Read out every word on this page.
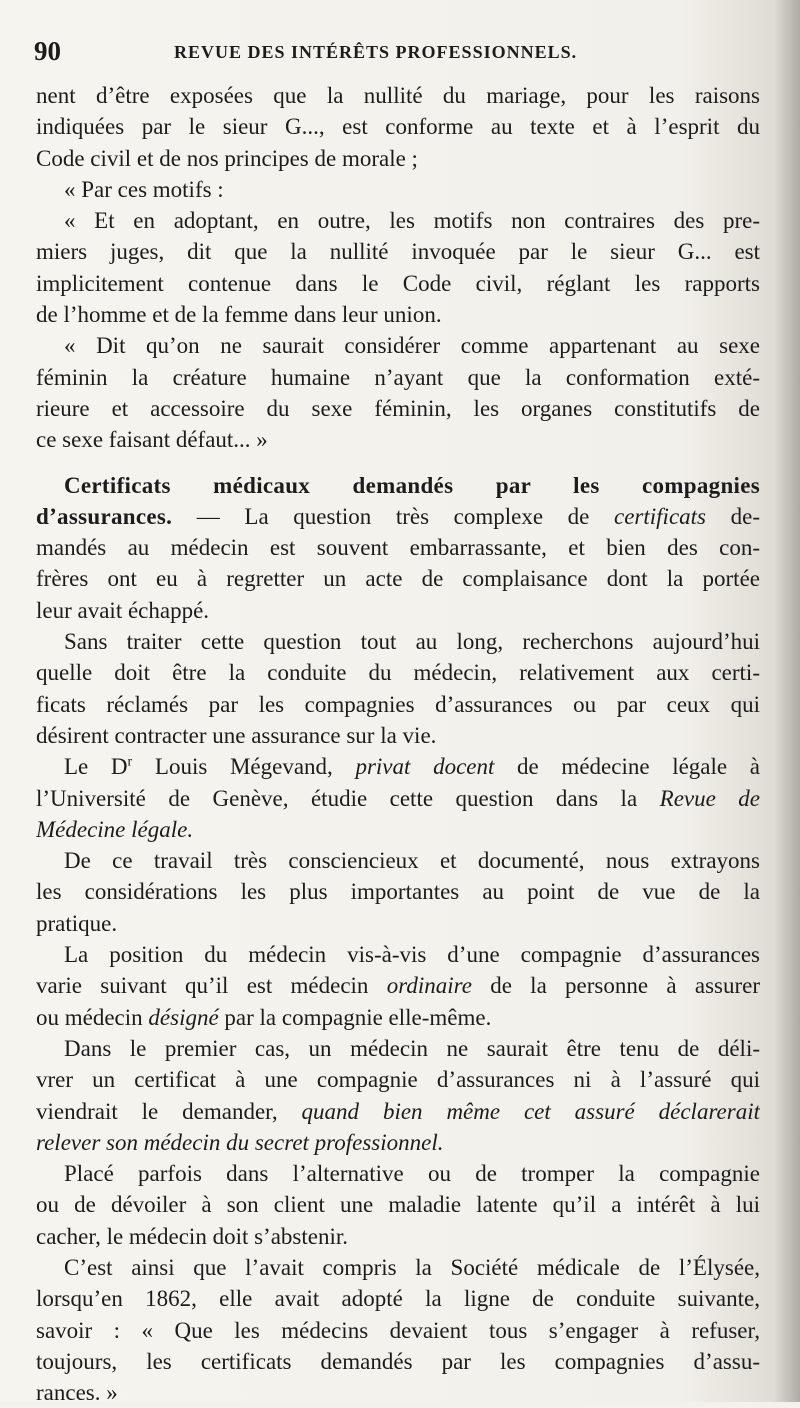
90	REVUE DES INTÉRÊTS PROFESSIONNELS.
nent d’être exposées que la nullité du mariage, pour les raisons
indiquées par le sieur G..., est conforme au texte et à l’esprit du
Code civil et de nos principes de morale ;
« Par ces motifs :
« Et en adoptant, en outre, les motifs non contraires des pre-
miers juges, dit que la nullité invoquée par le sieur G... est
implicitement contenue dans le Code civil, réglant les rapports
de l’homme et de la femme dans leur union.
« Dit qu’on ne saurait considérer comme appartenant au sexe
féminin la créature humaine n’ayant que la conformation exté-
rieure et accessoire du sexe féminin, les organes constitutifs de
ce sexe faisant défaut... »
Certificats médicaux demandés par les compagnies
d’assurances. — La question très complexe de certificats de-
mandés au médecin est souvent embarrassante, et bien des con-
frères ont eu à regretter un acte de complaisance dont la portée
leur avait échappé.
Sans traiter cette question tout au long, recherchons aujourd’hui
quelle doit être la conduite du médecin, relativement aux certi-
ficats réclamés par les compagnies d’assurances ou par ceux qui
désirent contracter une assurance sur la vie.
Le $D^r$ Louis Mégevand, privat docent de médecine légale à
l’Université de Genève, étudie cette question dans la Revue de
Médecine légale.
De ce travail très consciencieux et documenté, nous extrayons
les considérations les plus importantes au point de vue de la
pratique.
La position du médecin vis-à-vis d’une compagnie d’assurances
varie suivant qu’il est médecin ordinaire de la personne à assurer
ou médecin désigné par la compagnie elle-même.
Dans le premier cas, un médecin ne saurait être tenu de déli-
vrer un certificat à une compagnie d’assurances ni à l’assuré qui
viendrait le demander, quand bien même cet assuré déclarerait
relever son médecin du secret professionnel.
Placé parfois dans l’alternative ou de tromper la compagnie
ou de dévoiler à son client une maladie latente qu’il a intérêt à lui
cacher, le médecin doit s’abstenir.
C’est ainsi que l’avait compris la Société médicale de l’Élysée,
lorsqu’en 1862, elle avait adopté la ligne de conduite suivante,
savoir : « Que les médecins devaient tous s’engager à refuser,
toujours, les certificats demandés par les compagnies d’assu-
rances. »
